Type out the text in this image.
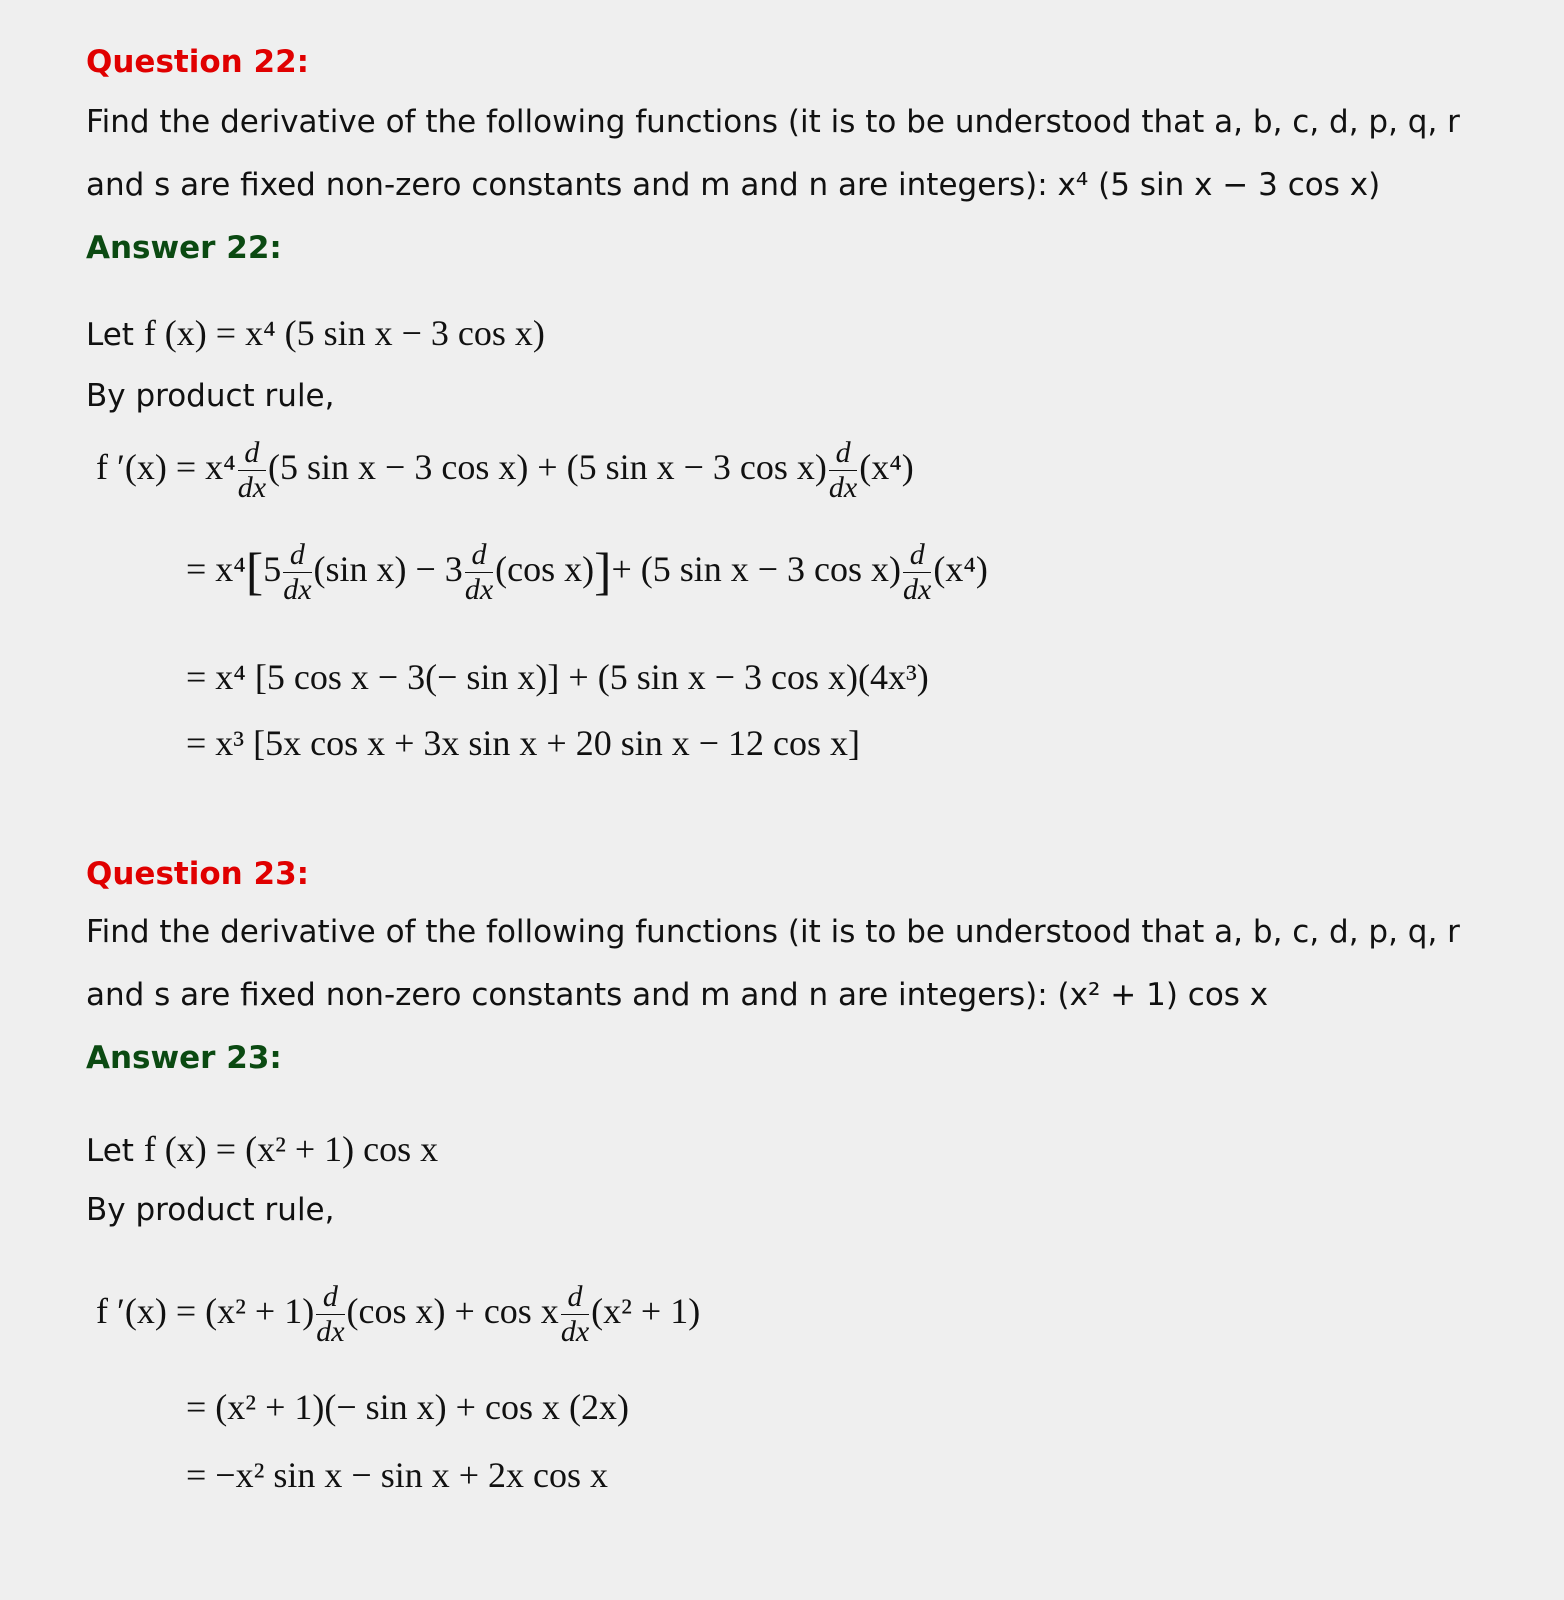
Question 22:
Find the derivative of the following functions (it is to be understood that a, b, c, d, p, q, r
and s are fixed non-zero constants and m and n are integers): x⁴ (5 sin x − 3 cos x)
Answer 22:
Let f (x) = x⁴ (5 sin x − 3 cos x)
By product rule,
f $'(x) = x^4 \frac{d}{dx} (5$ sin x − 3 cos x) + (5 sin x − 3 $\cos x) \frac{d}{dx} (x^4)$
= $x^4[5 \frac{d}{dx} (\sin$ $x) - 3 \frac{d}{dx} (\cos$ x)]+ (5 sin x − 3 $\cos x) \frac{d}{dx} (x^4)$
= x⁴ [5 cos x − 3(− sin x)] + (5 sin x − 3 cos x)(4x³)
= x³ [5x cos x + 3x sin x + 20 sin x − 12 cos x]
Question 23:
Find the derivative of the following functions (it is to be understood that a, b, c, d, p, q, r
and s are fixed non-zero constants and m and n are integers): (x² + 1) cos x
Answer 23:
Let f (x) = (x² + 1) cos x
By product rule,
f $'(x) = (x^2 + 1) \frac{d}{dx} (\cos$ x) + cos x $\frac{d}{dx} (x^2 + 1)$
= (x² + 1)(− sin x) + cos x (2x)
= −x² sin x − sin x + 2x cos x
